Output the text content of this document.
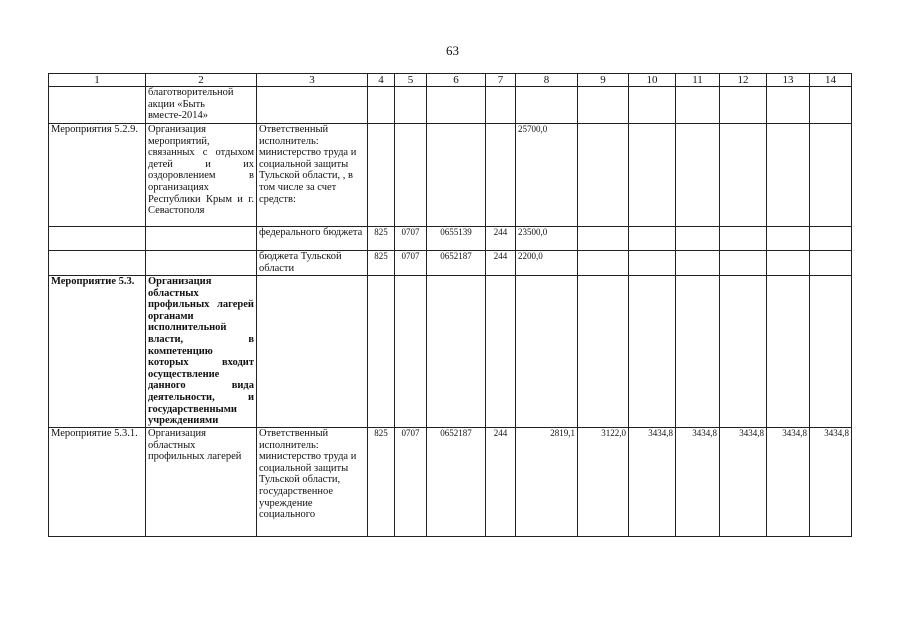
63
1	2	3	4	5	6	7	8	9	10	11	12	13	14
	благотворительной акции «Быть вместе-2014»												
Мероприятия 5.2.9.	Организация мероприятий, связанных с отдыхом детей и их оздоровлением в организациях Республики Крым и г. Севастополя	Ответственный исполнитель: министерство труда и социальной защиты Тульской области, , в том числе за счет средств:					25700,0						
		федерального бюджета	825	0707	0655139	244	23500,0						
		бюджета Тульской области	825	0707	0652187	244	2200,0						
Мероприятие 5.3.	Организация областных профильных лагерей органами исполнительной власти, в компетенцию которых входит осуществление данного вида деятельности, и государственными учреждениями												
Мероприятие 5.3.1.	Организация областных профильных лагерей	Ответственный исполнитель: министерство труда и социальной защиты Тульской области, государственное учреждение социального	825	0707	0652187	244	2819,1	3122,0	3434,8	3434,8	3434,8	3434,8	3434,8
